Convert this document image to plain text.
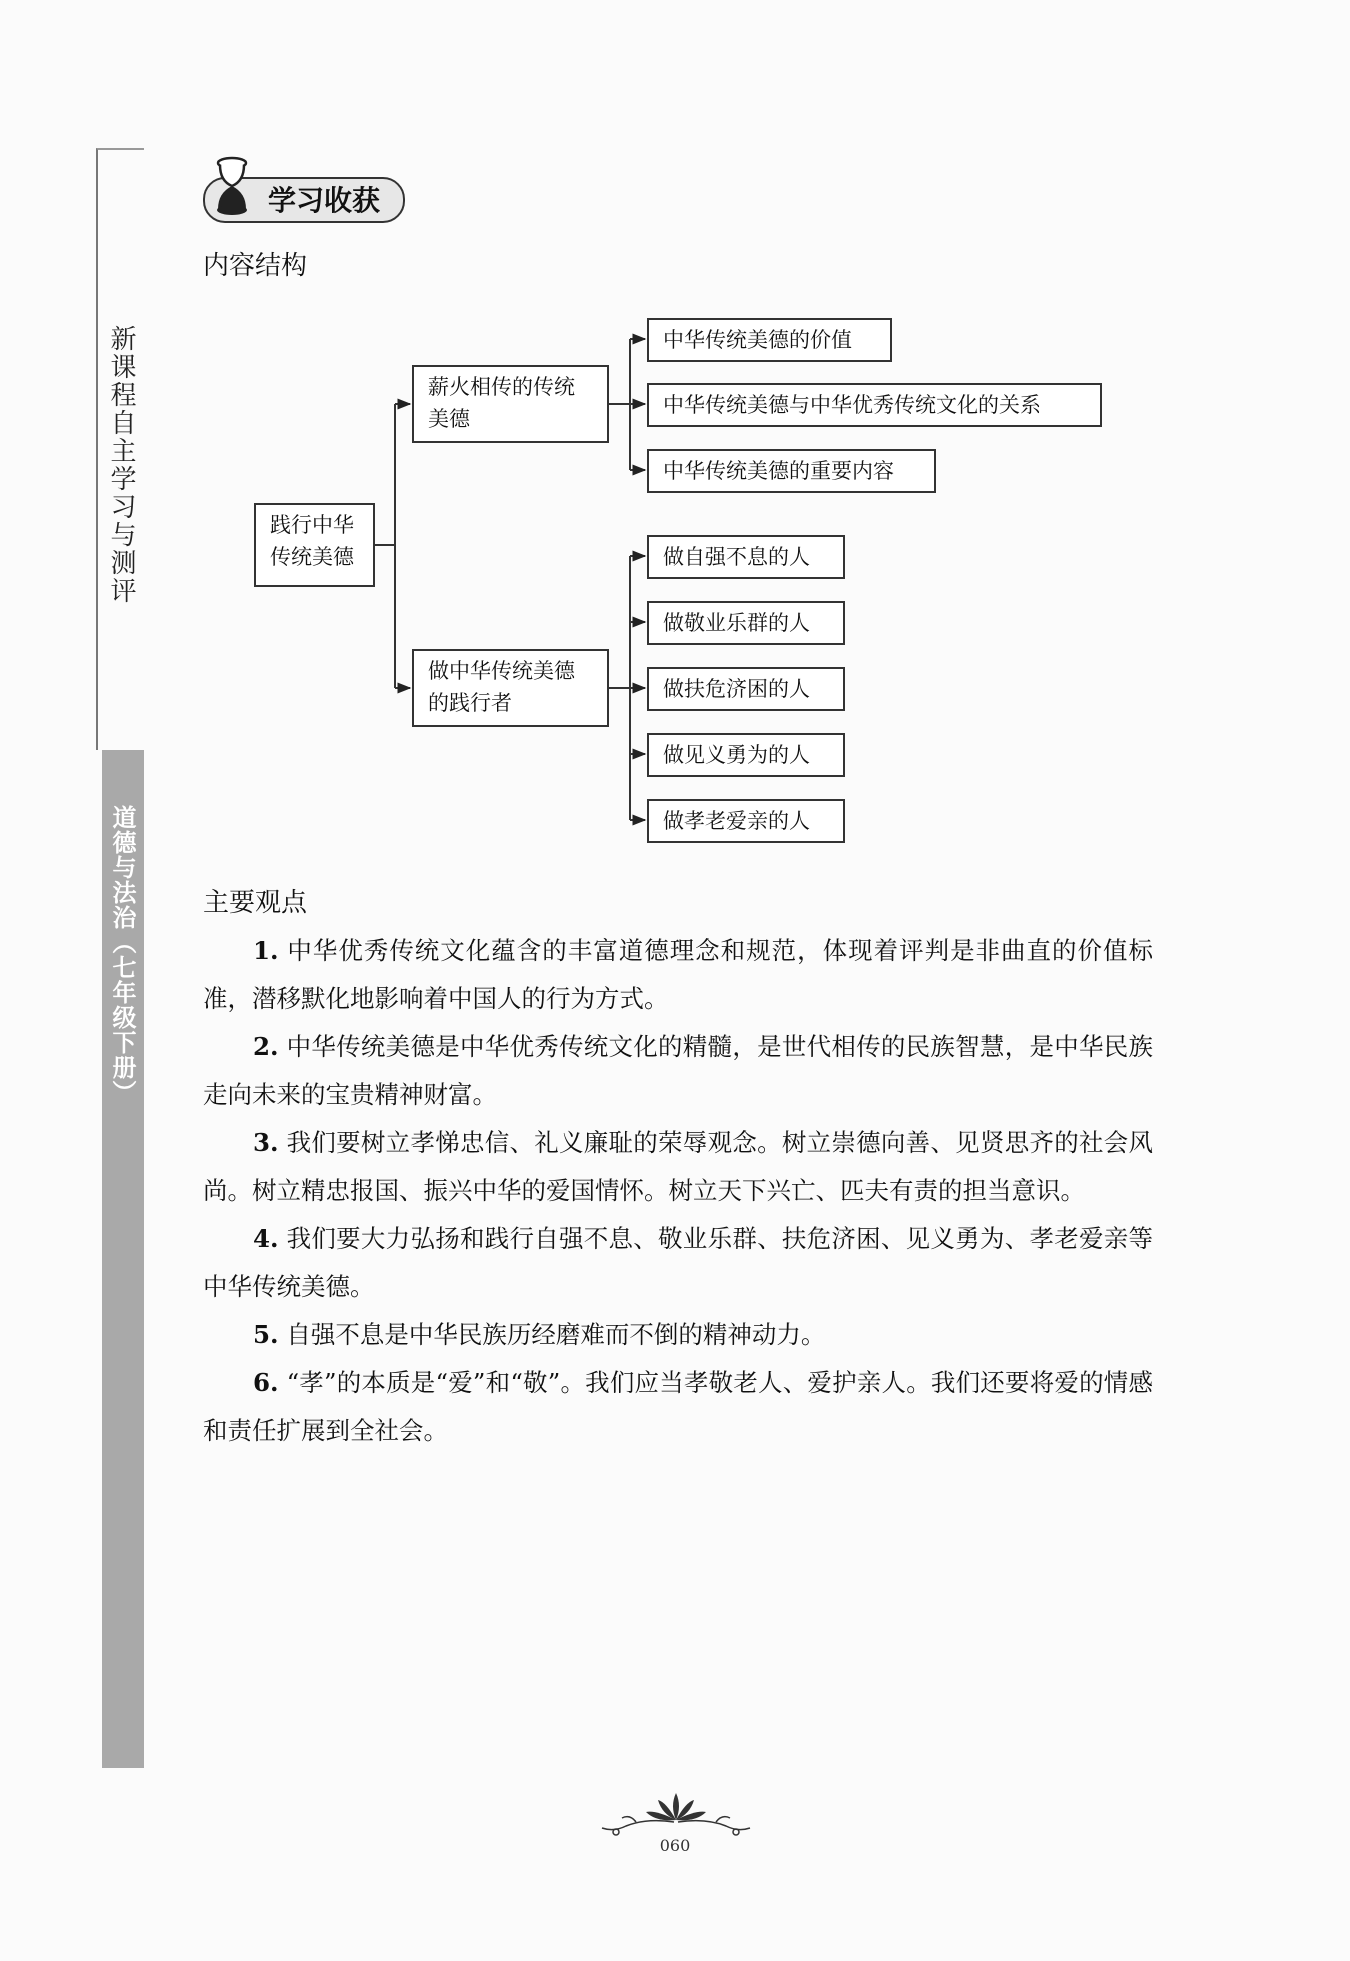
新课程自主学习与测评
道德与法治（七年级下册）
学习收获
内容结构
践行中华
传统美德
薪火相传的传统
美德
做中华传统美德
的践行者
中华传统美德的价值
中华传统美德与中华优秀传统文化的关系
中华传统美德的重要内容
做自强不息的人
做敬业乐群的人
做扶危济困的人
做见义勇为的人
做孝老爱亲的人
主要观点

1. 中华优秀传统文化蕴含的丰富道德理念和规范，体现着评判是非曲直的价值标准，潜移默化地影响着中国人的行为方式。

2. 中华传统美德是中华优秀传统文化的精髓，是世代相传的民族智慧，是中华民族走向未来的宝贵精神财富。

3. 我们要树立孝悌忠信、礼义廉耻的荣辱观念。树立崇德向善、见贤思齐的社会风尚。树立精忠报国、振兴中华的爱国情怀。树立天下兴亡、匹夫有责的担当意识。

4. 我们要大力弘扬和践行自强不息、敬业乐群、扶危济困、见义勇为、孝老爱亲等中华传统美德。

5. 自强不息是中华民族历经磨难而不倒的精神动力。

6. “孝”的本质是“爱”和“敬”。我们应当孝敬老人、爱护亲人。我们还要将爱的情感和责任扩展到全社会。

060
